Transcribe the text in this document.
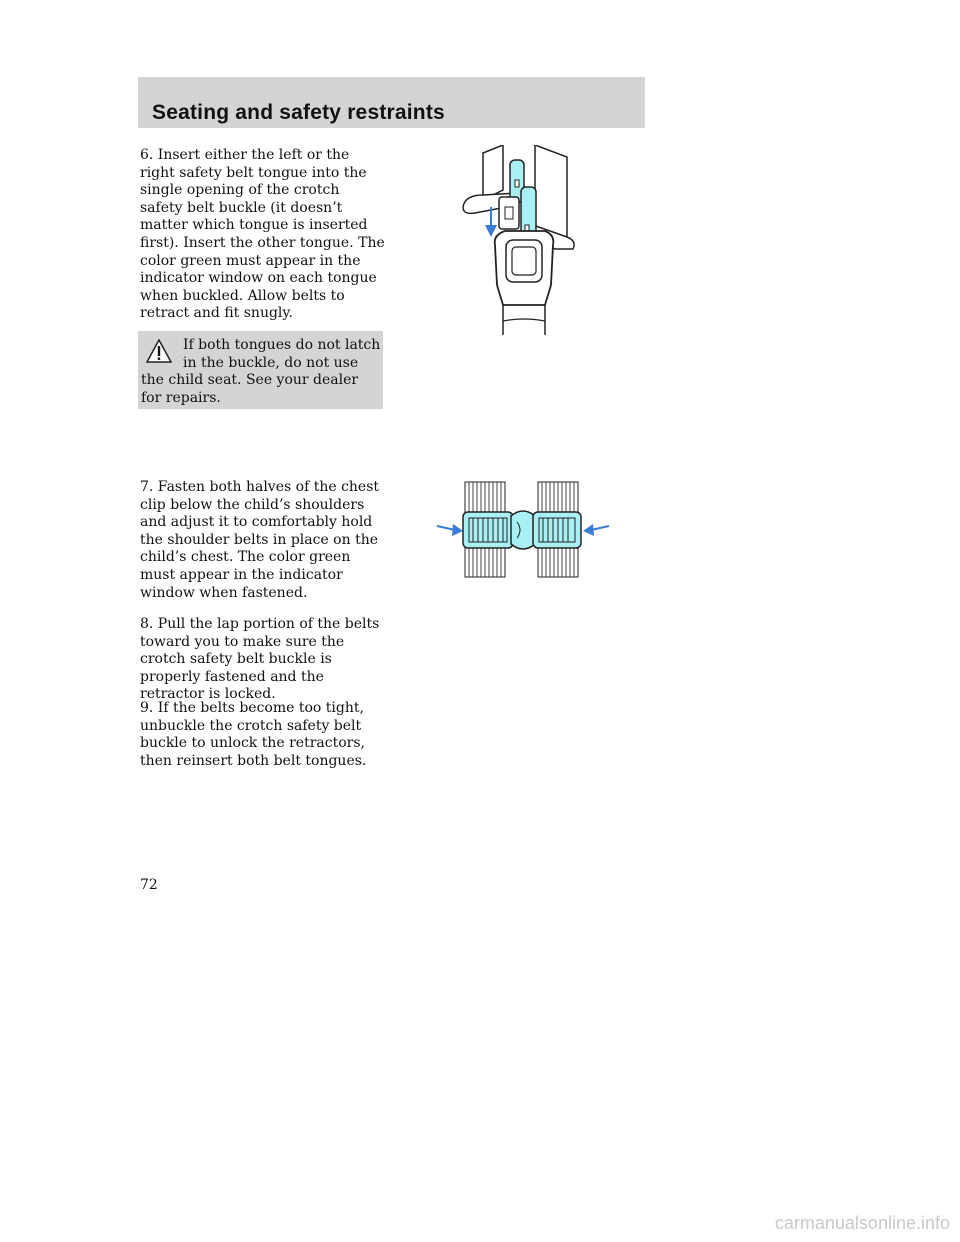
Seating and safety restraints

6. Insert either the left or the right safety belt tongue into the single opening of the crotch safety belt buckle (it doesn’t matter which tongue is inserted first). Insert the other tongue. The color green must appear in the indicator window on each tongue when buckled. Allow belts to retract and fit snugly.

If both tongues do not latch in the buckle, do not use the child seat. See your dealer for repairs.

7. Fasten both halves of the chest clip below the child’s shoulders and adjust it to comfortably hold the shoulder belts in place on the child’s chest. The color green must appear in the indicator window when fastened.

8. Pull the lap portion of the belts toward you to make sure the crotch safety belt buckle is properly fastened and the retractor is locked.

9. If the belts become too tight, unbuckle the crotch safety belt buckle to unlock the retractors, then reinsert both belt tongues.

72
carmanualsonline.info
